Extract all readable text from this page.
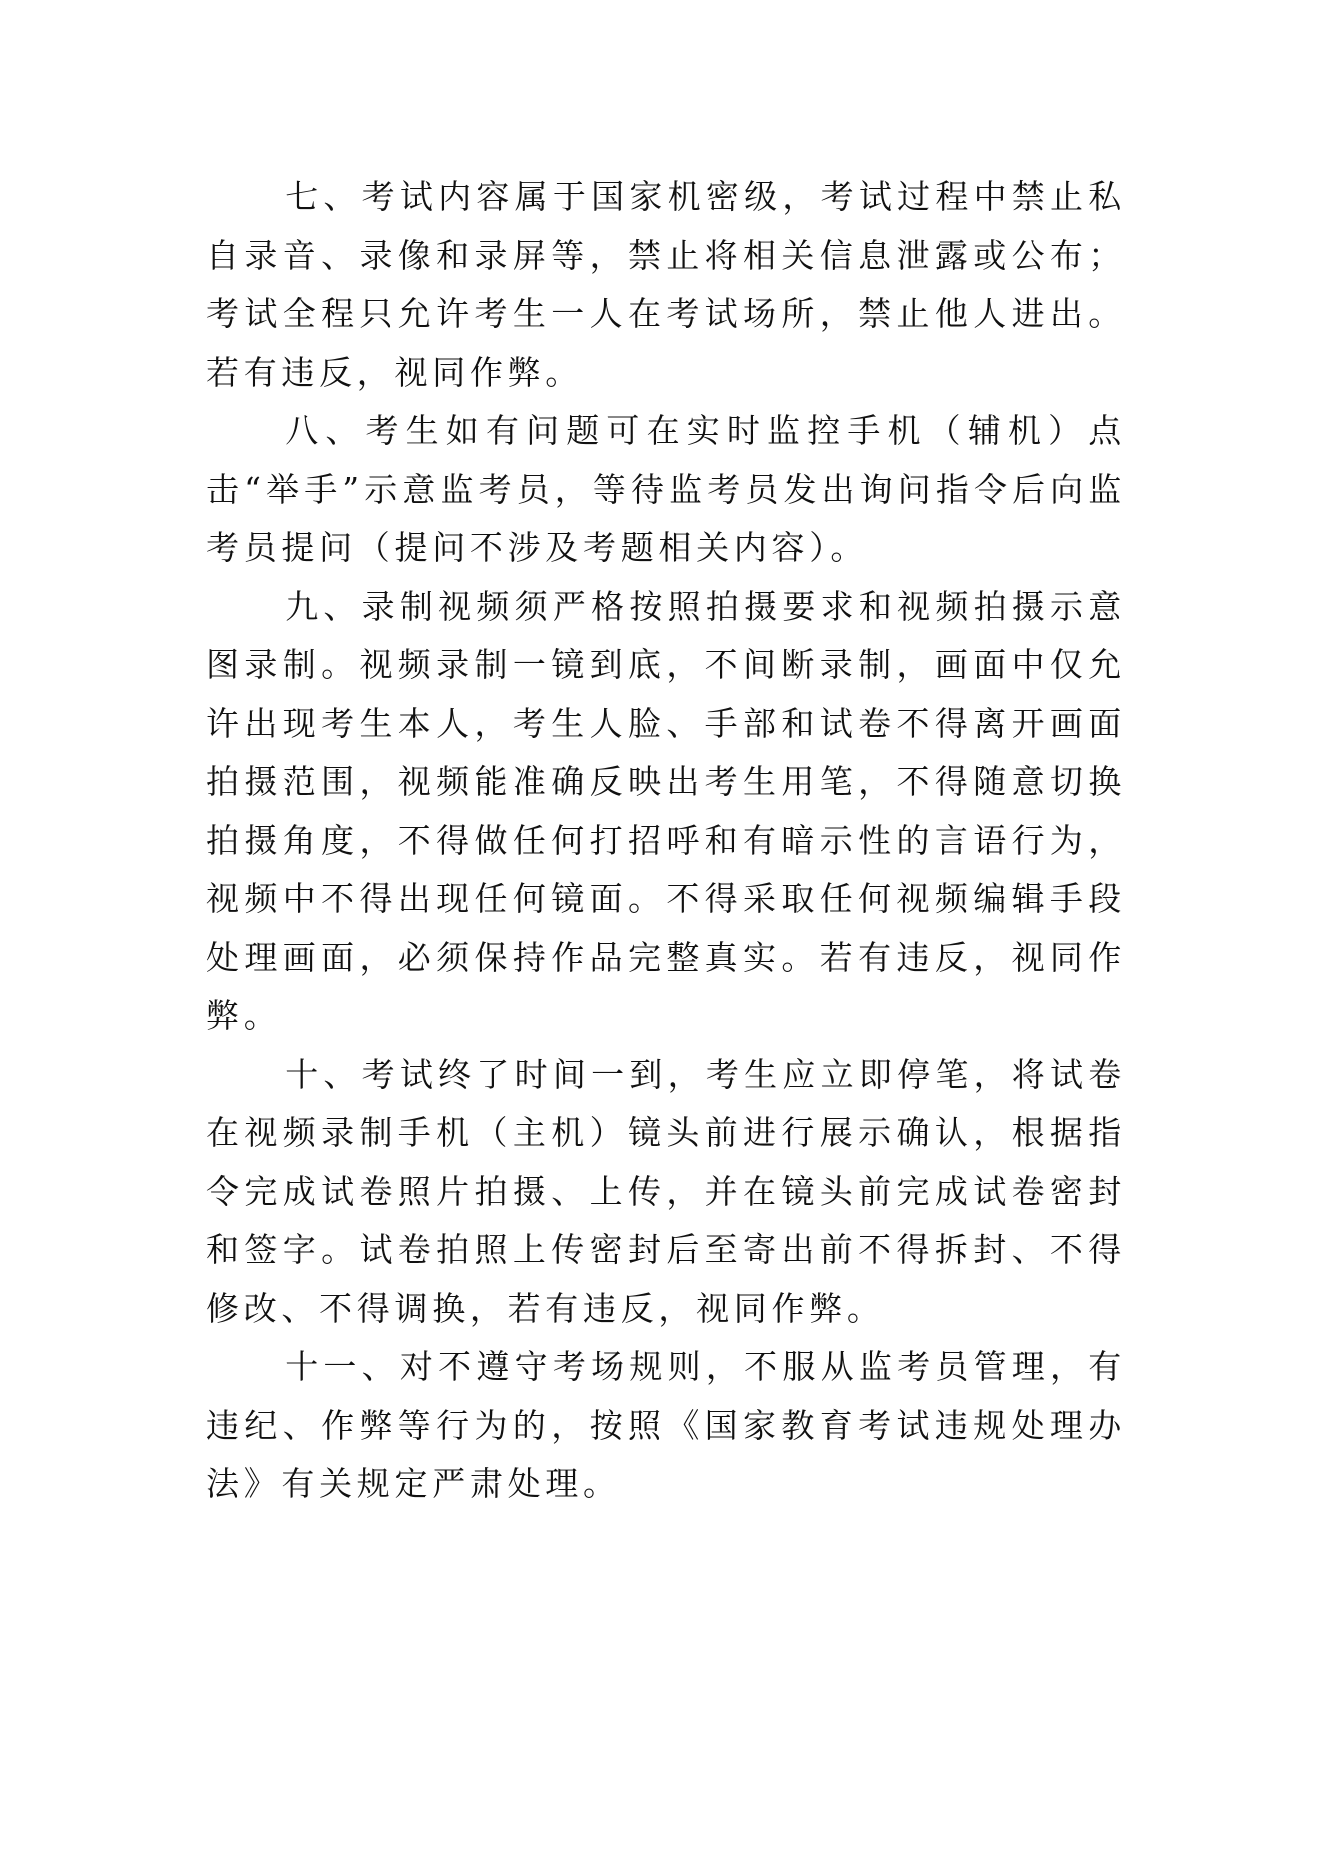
七、考试内容属于国家机密级，考试过程中禁止私自录音、录像和录屏等，禁止将相关信息泄露或公布；考试全程只允许考生一人在考试场所，禁止他人进出。若有违反，视同作弊。

八、考生如有问题可在实时监控手机（辅机）点击“举手”示意监考员，等待监考员发出询问指令后向监考员提问（提问不涉及考题相关内容）。

九、录制视频须严格按照拍摄要求和视频拍摄示意图录制。视频录制一镜到底，不间断录制，画面中仅允许出现考生本人，考生人脸、手部和试卷不得离开画面拍摄范围，视频能准确反映出考生用笔，不得随意切换拍摄角度，不得做任何打招呼和有暗示性的言语行为，视频中不得出现任何镜面。不得采取任何视频编辑手段处理画面，必须保持作品完整真实。若有违反，视同作弊。

十、考试终了时间一到，考生应立即停笔，将试卷在视频录制手机（主机）镜头前进行展示确认，根据指令完成试卷照片拍摄、上传，并在镜头前完成试卷密封和签字。试卷拍照上传密封后至寄出前不得拆封、不得修改、不得调换，若有违反，视同作弊。

十一、对不遵守考场规则，不服从监考员管理，有违纪、作弊等行为的，按照《国家教育考试违规处理办法》有关规定严肃处理。
